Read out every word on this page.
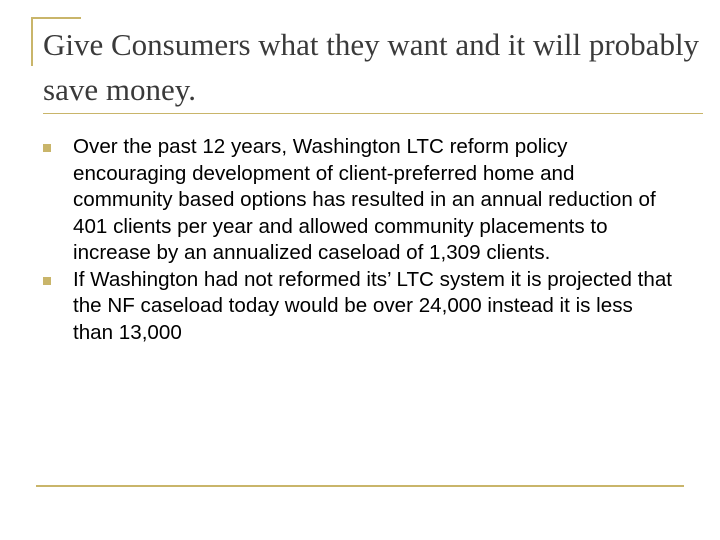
Give Consumers what they want and it will probably save money.
Over the past 12 years, Washington LTC reform policy encouraging development of client-preferred home and community based options has resulted in an annual reduction of 401 clients per year and allowed community placements to increase by an annualized caseload of 1,309 clients.
If Washington had not reformed its’ LTC system it is projected that the NF caseload today would be over 24,000 instead it is less than 13,000
